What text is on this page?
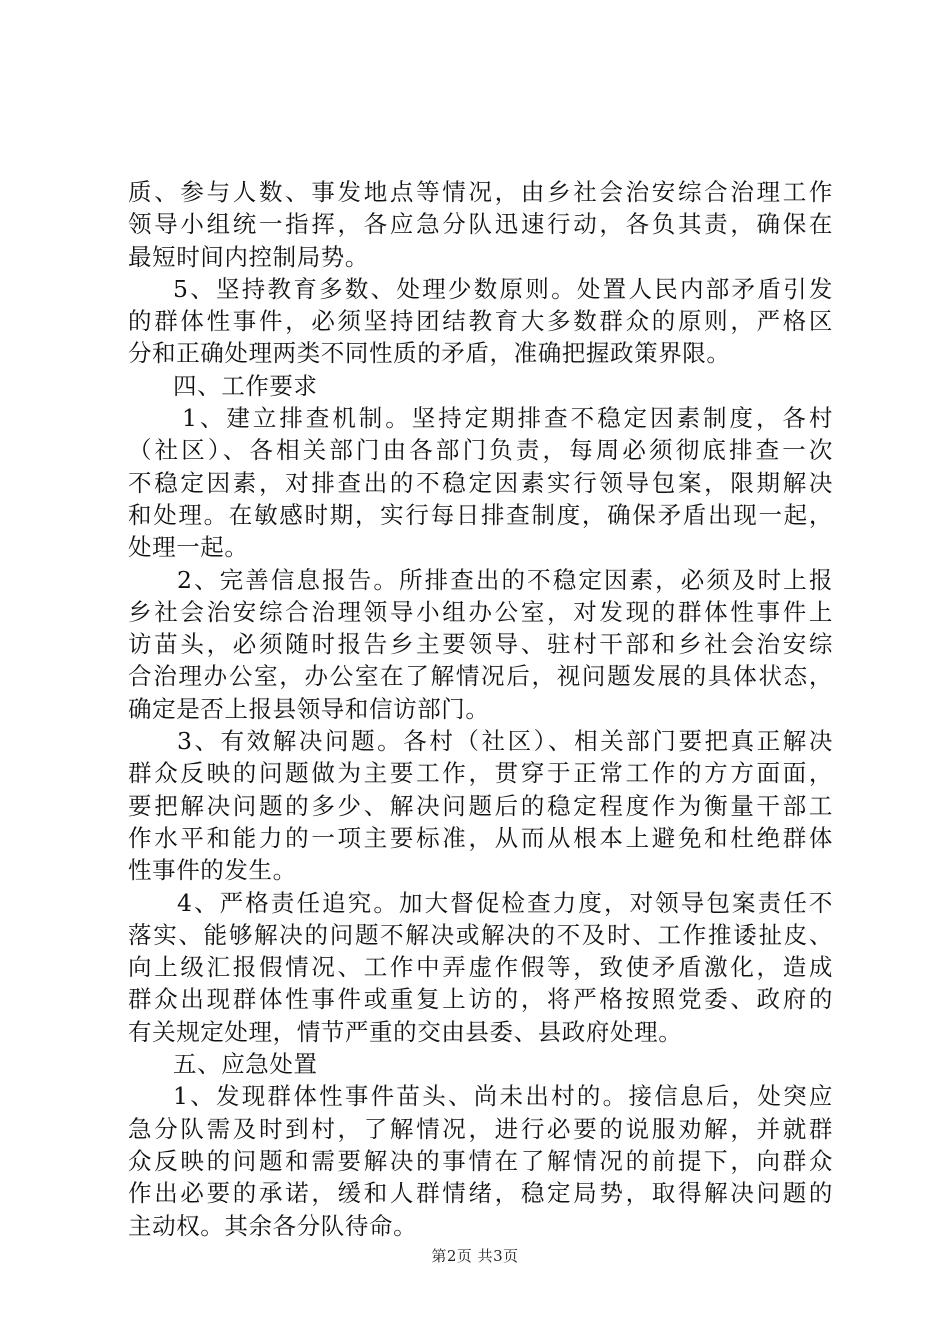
质、参与人数、事发地点等情况，由乡社会治安综合治理工作
领导小组统一指挥，各应急分队迅速行动，各负其责，确保在
最短时间内控制局势。
5、坚持教育多数、处理少数原则。处置人民内部矛盾引发
的群体性事件，必须坚持团结教育大多数群众的原则，严格区
分和正确处理两类不同性质的矛盾，准确把握政策界限。
四、工作要求
1、建立排查机制。坚持定期排查不稳定因素制度，各村
（社区）、各相关部门由各部门负责，每周必须彻底排查一次
不稳定因素，对排查出的不稳定因素实行领导包案，限期解决
和处理。在敏感时期，实行每日排查制度，确保矛盾出现一起，
处理一起。
2、完善信息报告。所排查出的不稳定因素，必须及时上报
乡社会治安综合治理领导小组办公室，对发现的群体性事件上
访苗头，必须随时报告乡主要领导、驻村干部和乡社会治安综
合治理办公室，办公室在了解情况后，视问题发展的具体状态，
确定是否上报县领导和信访部门。
3、有效解决问题。各村（社区）、相关部门要把真正解决
群众反映的问题做为主要工作，贯穿于正常工作的方方面面，
要把解决问题的多少、解决问题后的稳定程度作为衡量干部工
作水平和能力的一项主要标准，从而从根本上避免和杜绝群体
性事件的发生。
4、严格责任追究。加大督促检查力度，对领导包案责任不
落实、能够解决的问题不解决或解决的不及时、工作推诿扯皮、
向上级汇报假情况、工作中弄虚作假等，致使矛盾激化，造成
群众出现群体性事件或重复上访的，将严格按照党委、政府的
有关规定处理，情节严重的交由县委、县政府处理。
五、应急处置
1、发现群体性事件苗头、尚未出村的。接信息后，处突应
急分队需及时到村，了解情况，进行必要的说服劝解，并就群
众反映的问题和需要解决的事情在了解情况的前提下，向群众
作出必要的承诺，缓和人群情绪，稳定局势，取得解决问题的
主动权。其余各分队待命。
第2页 共3页
